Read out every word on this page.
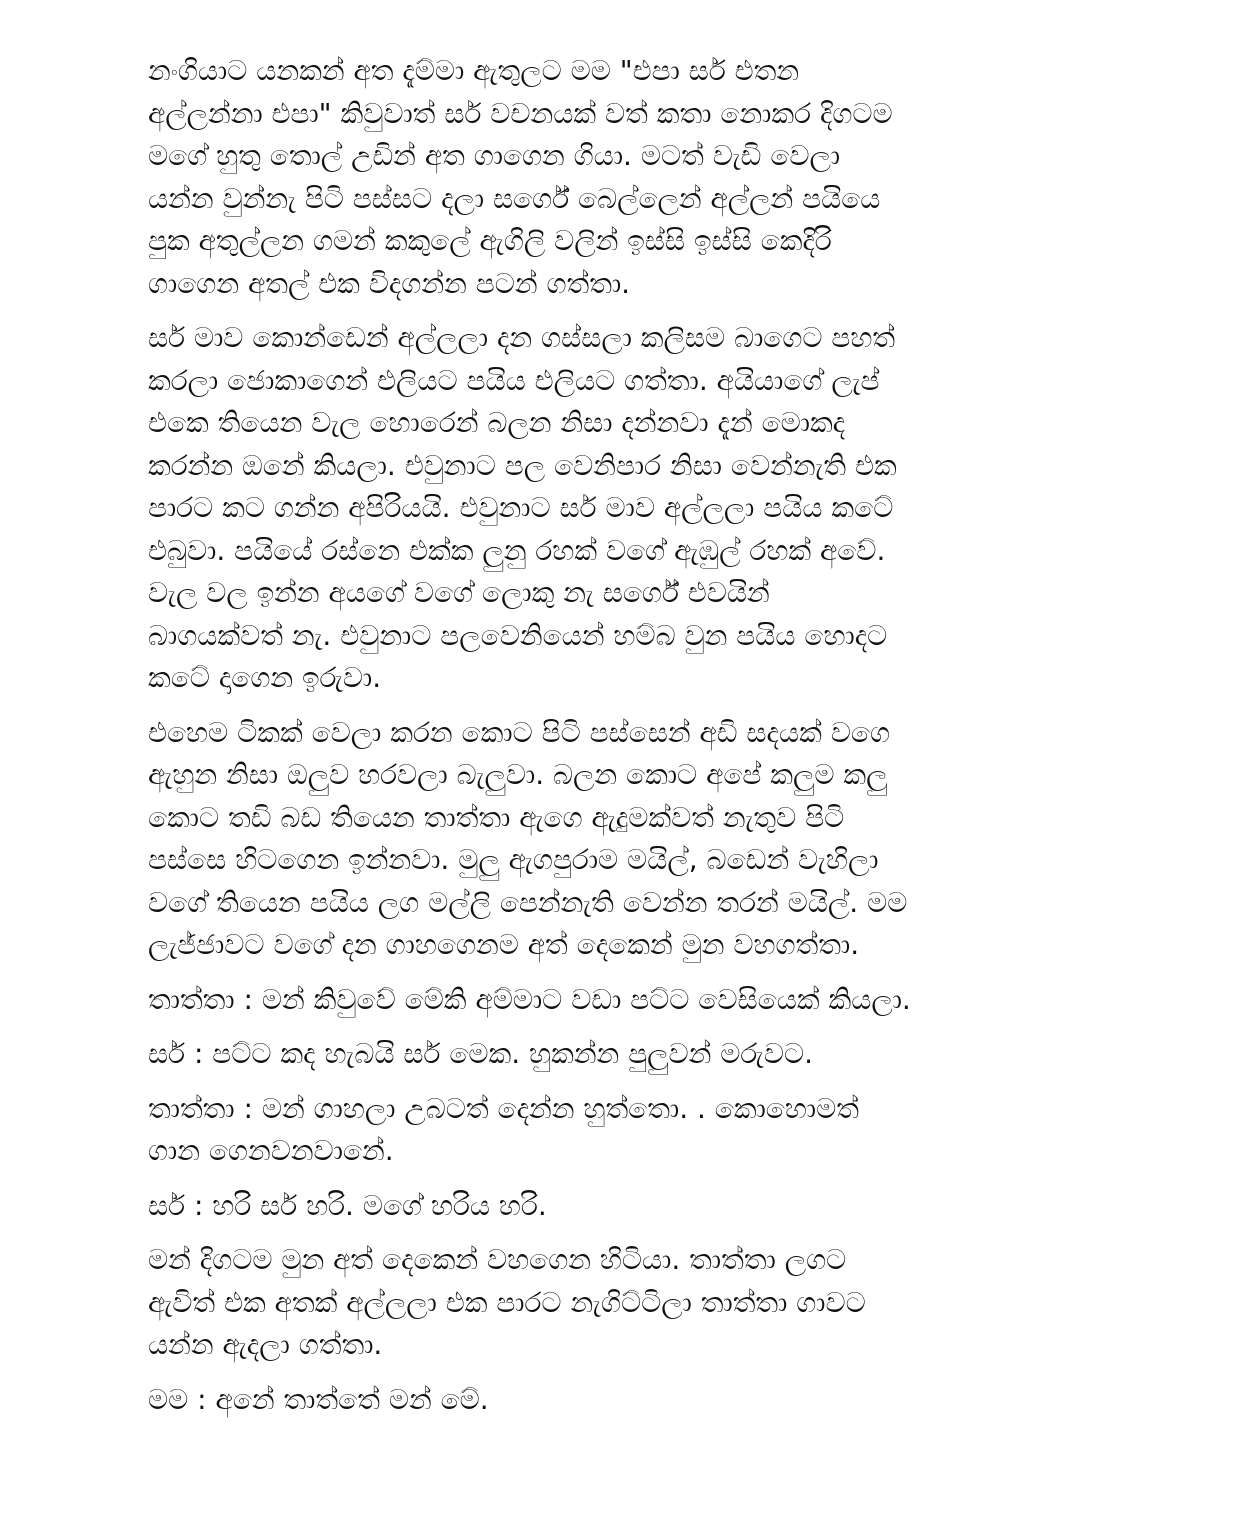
නංගියාට යනකන් අත දැම්මා ඇතුලට මම "එපා සර් එතන
අල්ලන්නා එපා" කිවුවාත් සර් වචනයක් වත් කතා නොකර දිගටම
මගේ හුතු තොල් උඩින් අත ගාගෙන ගියා. මටත් වැඩි වෙලා
යන්න වුන්නැ පිටි පස්සට දලා සර්ගේ බෙල්ලෙන් අල්ලන් පයියෙ
පුක අතුල්ලන ගමන් කකුලේ ඇගිලි වලින් ඉස්සි ඉස්සි කෙදිරි
ගාගෙන අතල් එක විදගන්න පටන් ගත්තා.
සර් මාව කොන්ඩෙන් අල්ලලා දන ගස්සලා කලිසම බාගෙට පහත්
කරලා ජොකාගෙන් එලියට පයිය එලියට ගත්තා. අයියාගේ ලැප්
එකෙ තියෙන වැල හොරෙන් බලන නිසා දන්නවා දැන් මොකද
කරන්න ඔනේ කියලා. එවුනාට පල වෙනිපාර නිසා වෙන්නැති එක
පාරට කට ගන්න අපිරියයි. එවුනාට සර් මාව අල්ලලා පයිය කටේ
එබුවා. පයියේ රස්නෙ එක්ක ලුනු රහක් වගේ ඇඹුල් රහක් අවේ.
වැල වල ඉන්න අයගේ වගේ ලොකු නැ සර්ගේ එවයින්
බාගයක්වත් නැ. එවුනාට පලවෙනියෙන් හම්බ වුන පයිය හොදට
කටේ දාගෙන ඉරුවා.
එහෙම ටිකක් වෙලා කරන කොට පිටි පස්සෙන් අඩි සදයක් වගෙ
ඇහුන නිසා ඔලුව හරවලා බැලුවා. බලන කොට අපේ කලුම කලු
කොට තඩි බඩ තියෙන තාත්තා ඇගෙ ඇදුමක්වත් නැතුව පිටි
පස්සෙ හිටගෙන ඉන්නවා. මුලු ඇගපුරාම මයිල්, බඩෙන් වැහිලා
වගේ තියෙන පයිය ලග මල්ලි පෙන්නැති වෙන්න තරන් මයිල්. මම
ලැජ්ජාවට වගේ දන ගාහගෙනම අත් දෙකෙන් මුන වහගත්තා.
තාත්තා : මන් කිවුවේ මේකි අම්මාට වඩා පට්ට වෙසියෙක් කියලා.
සර් : පට්ට කද හැබයි සර් මෙක. හුකන්න පුලුවන් මරුවට.
තාත්තා : මන් ගාහලා උබටත් දෙන්න හුත්තො. . කොහොමත්
ගාන ගෙනවනවානේ.
සර් : හරි සර් හරි. මගේ හරිය හරි.
මන් දිගටම මුන අත් දෙකෙන් වහගෙන හිටියා. තාත්තා ලගට
ඇවිත් එක අතක් අල්ලලා එක පාරට නැගිට්ටිලා තාත්තා ගාවට
යන්න ඇදලා ගත්තා.
මම : අනේ තාත්තේ මන් මේ.
